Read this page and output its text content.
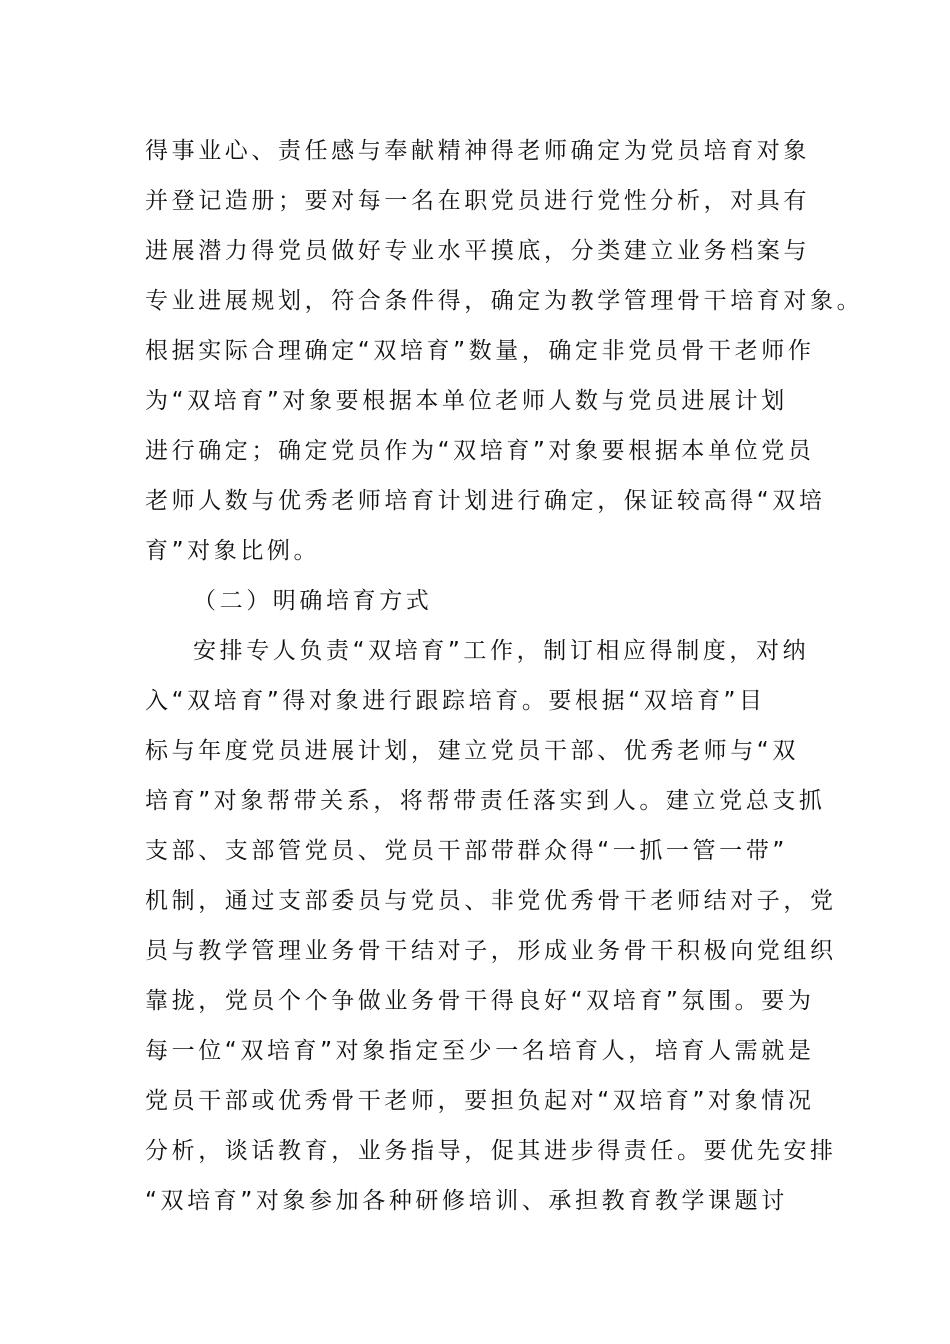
得事业心、责任感与奉献精神得老师确定为党员培育对象
并登记造册；要对每一名在职党员进行党性分析，对具有
进展潜力得党员做好专业水平摸底，分类建立业务档案与
专业进展规划，符合条件得，确定为教学管理骨干培育对象。
根据实际合理确定“双培育”数量，确定非党员骨干老师作
为“双培育”对象要根据本单位老师人数与党员进展计划
进行确定；确定党员作为“双培育”对象要根据本单位党员
老师人数与优秀老师培育计划进行确定，保证较高得“双培
育”对象比例。
（二）明确培育方式
安排专人负责“双培育”工作，制订相应得制度，对纳
入“双培育”得对象进行跟踪培育。要根据“双培育”目
标与年度党员进展计划，建立党员干部、优秀老师与“双
培育”对象帮带关系，将帮带责任落实到人。建立党总支抓
支部、支部管党员、党员干部带群众得“一抓一管一带”
机制，通过支部委员与党员、非党优秀骨干老师结对子，党
员与教学管理业务骨干结对子，形成业务骨干积极向党组织
靠拢，党员个个争做业务骨干得良好“双培育”氛围。要为
每一位“双培育”对象指定至少一名培育人，培育人需就是
党员干部或优秀骨干老师，要担负起对“双培育”对象情况
分析，谈话教育，业务指导，促其进步得责任。要优先安排
“双培育”对象参加各种研修培训、承担教育教学课题讨
